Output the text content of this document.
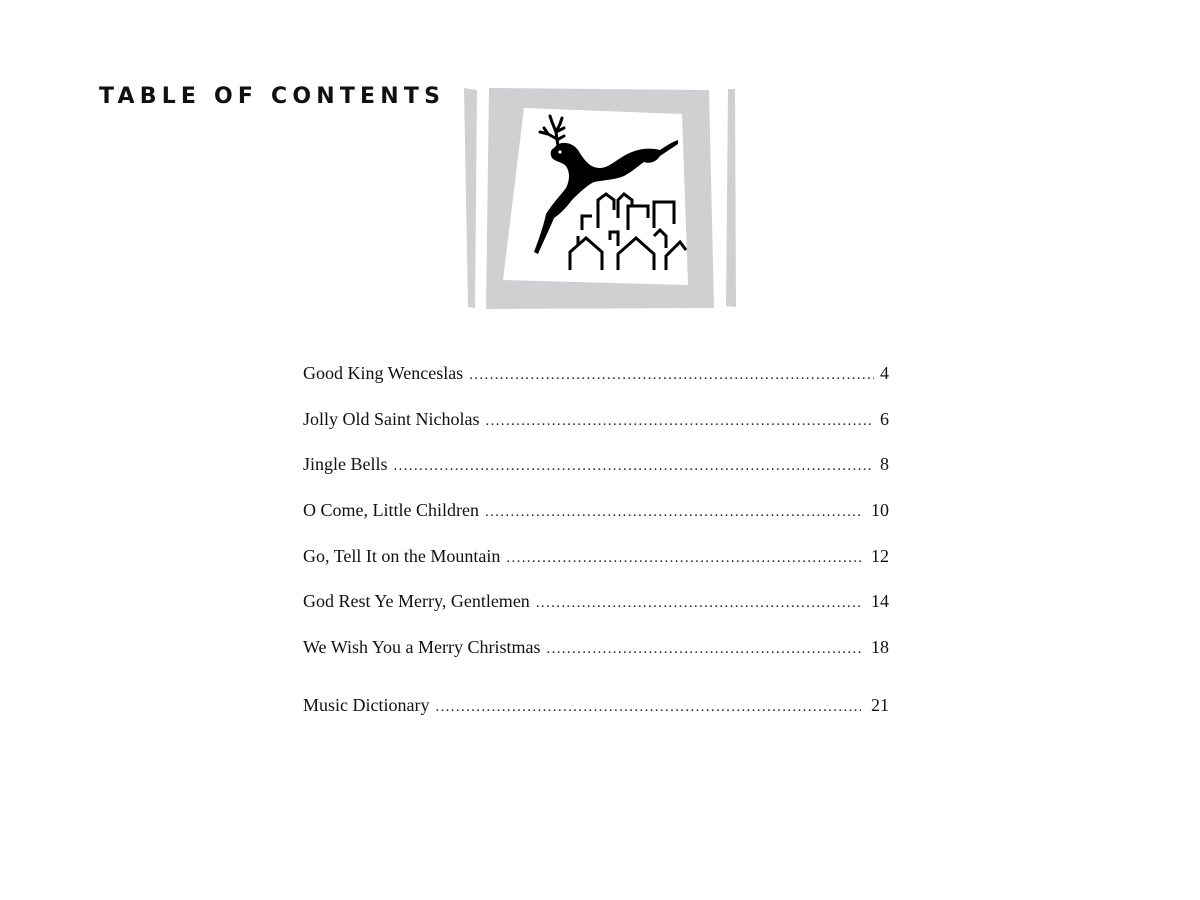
TABLE OF CONTENTS
Good King Wenceslas . . .	4
Jolly Old Saint Nicholas . . .	6
Jingle Bells . . .	8
O Come, Little Children . . .	10
Go, Tell It on the Mountain . . .	12
God Rest Ye Merry, Gentlemen . . .	14
We Wish You a Merry Christmas . . .	18
Music Dictionary . . .	21
